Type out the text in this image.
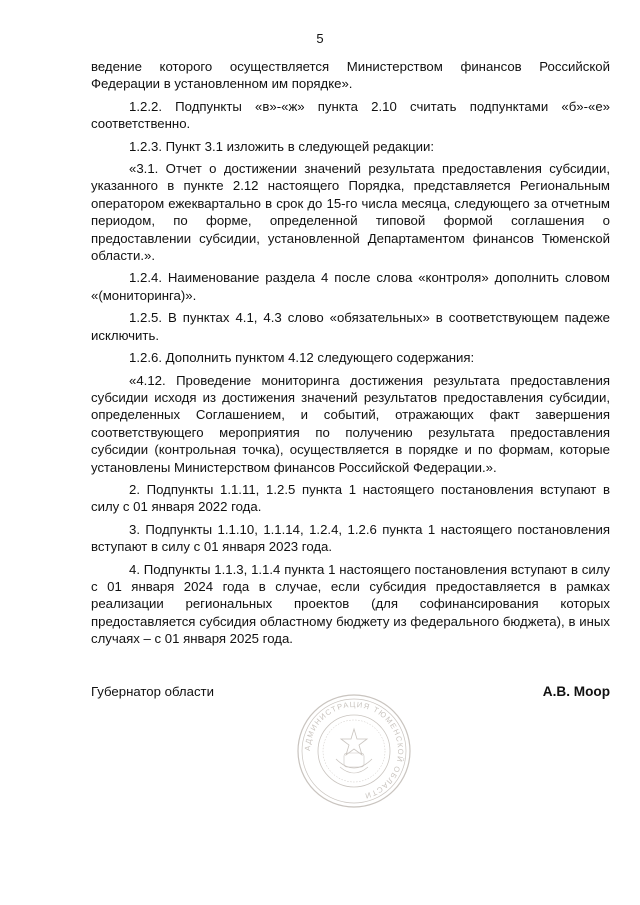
5

ведение которого осуществляется Министерством финансов Российской Федерации в установленном им порядке».

1.2.2. Подпункты «в»-«ж» пункта 2.10 считать подпунктами «б»-«е» соответственно.

1.2.3. Пункт 3.1 изложить в следующей редакции:

«3.1. Отчет о достижении значений результата предоставления субсидии, указанного в пункте 2.12 настоящего Порядка, представляется Региональным оператором ежеквартально в срок до 15-го числа месяца, следующего за отчетным периодом, по форме, определенной типовой формой соглашения о предоставлении субсидии, установленной Департаментом финансов Тюменской области.».

1.2.4. Наименование раздела 4 после слова «контроля» дополнить словом «(мониторинга)».

1.2.5. В пунктах 4.1, 4.3 слово «обязательных» в соответствующем падеже исключить.

1.2.6. Дополнить пунктом 4.12 следующего содержания:

«4.12. Проведение мониторинга достижения результата предоставления субсидии исходя из достижения значений результатов предоставления субсидии, определенных Соглашением, и событий, отражающих факт завершения соответствующего мероприятия по получению результата предоставления субсидии (контрольная точка), осуществляется в порядке и по формам, которые установлены Министерством финансов Российской Федерации.».

2. Подпункты 1.1.11, 1.2.5 пункта 1 настоящего постановления вступают в силу с 01 января 2022 года.

3. Подпункты 1.1.10, 1.1.14, 1.2.4, 1.2.6 пункта 1 настоящего постановления вступают в силу с 01 января 2023 года.

4. Подпункты 1.1.3, 1.1.4 пункта 1 настоящего постановления вступают в силу с 01 января 2024 года в случае, если субсидия предоставляется в рамках реализации региональных проектов (для софинансирования которых предоставляется субсидия областному бюджету из федерального бюджета), в иных случаях – с 01 января 2025 года.

Губернатор области	А.В. Моор
АДМИНИСТРАЦИЯ ТЮМЕНСКОЙ ОБЛАСТИ
